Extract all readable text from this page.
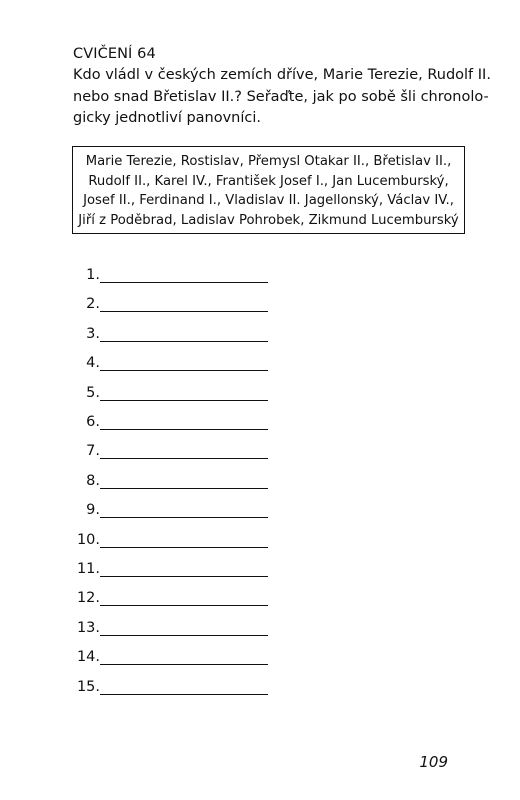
CVIČENÍ 64

Kdo vládl v českých zemích dříve, Marie Terezie, Rudolf II.
nebo snad Břetislav II.? Seřaďte, jak po sobě šli chronolo-
gicky jednotliví panovníci.

Marie Terezie, Rostislav, Přemysl Otakar II., Břetislav II.,
Rudolf II., Karel IV., František Josef I., Jan Lucemburský,
Josef II., Ferdinand I., Vladislav II. Jagellonský, Václav IV.,
Jiří z Poděbrad, Ladislav Pohrobek, Zikmund Lucemburský
1.
2.
3.
4.
5.
6.
7.
8.
9.
10.
11.
12.
13.
14.
15.
109
